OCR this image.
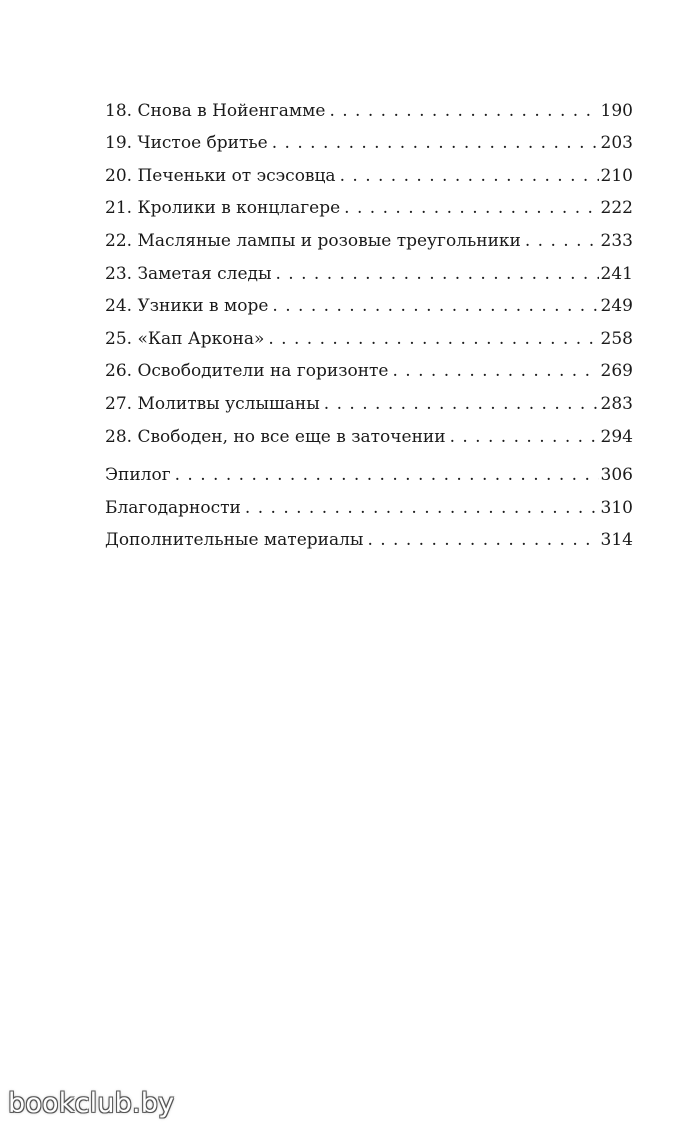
18. Снова в Нойенгамме . . .	190
19. Чистое бритье . . .	203
20. Печеньки от эсэсовца . . .	210
21. Кролики в концлагере . . .	222
22. Масляные лампы и розовые треугольники . . .	233
23. Заметая следы . . .	241
24. Узники в море . . .	249
25. «Кап Аркона» . . .	258
26. Освободители на горизонте . . .	269
27. Молитвы услышаны . . .	283
28. Свободен, но все еще в заточении . . .	294
Эпилог . . .	306
Благодарности . . .	310
Дополнительные материалы . . .	314
bookclub.by
